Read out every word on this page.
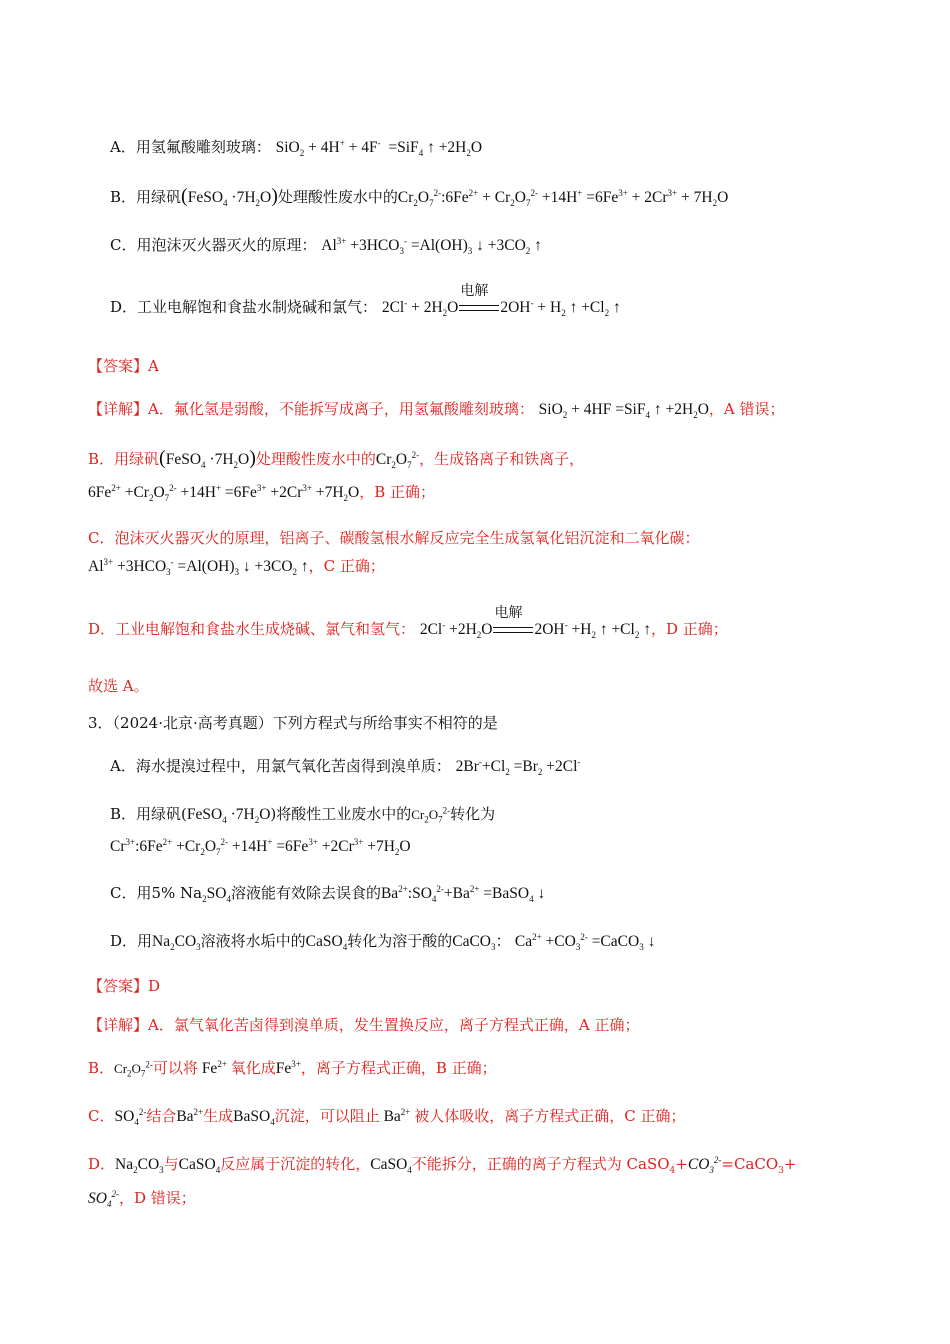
A．用氢氟酸雕刻玻璃： SiO$_2$ + 4H+ + 4F-  =SiF$_4$ ↑ $+2H_2O$
B．用绿矾(FeSO$_4$ $\cdot 7H_2O$)处理酸性废水中的$Cr_2O_7^{2-}:6Fe^{2+} + Cr_2O_7^{2-} +14H^+ =6Fe^{3+} + 2Cr^{3+} + 7H_2O$
C．用泡沫灭火器灭火的原理： $Al^{3+} +3HCO_3^- =Al(OH)_3$ ↓ $+3CO_2$ ↑
D．工业电解饱和食盐水制烧碱和氯气： $2Cl^- + 2H_2O$
电解
$2OH^- + H_2$ ↑ $+Cl_2$ ↑
【答案】A
【详解】A．氟化氢是弱酸，不能拆写成离子，用氢氟酸雕刻玻璃： SiO$_2$ + 4HF =SiF$_4$ ↑ $+2H_2O$，A 错误；
B．用绿矾(FeSO$_4$ $\cdot 7H_2O$)处理酸性废水中的$Cr_2O_7^{2-}$，生成铬离子和铁离子，
$6Fe^{2+} +Cr_2O_7^{2-} +14H^+ =6Fe^{3+} +2Cr^{3+} +7H_2O$，B 正确；
C．泡沫灭火器灭火的原理，铝离子、碳酸氢根水解反应完全生成氢氧化铝沉淀和二氧化碳：
$Al^{3+} +3HCO_3^- =Al(OH)_3$ ↓ $+3CO_2$ ↑，C 正确；
D．工业电解饱和食盐水生成烧碱、氯气和氢气： $2Cl^- +2H_2O$
电解
$2OH^- +H_2$ ↑ $+Cl_2$ ↑，D 正确；
故选 A。
3．（2024·北京·高考真题）下列方程式与所给事实不相符的是
A．海水提溴过程中，用氯气氧化苦卤得到溴单质： $2Br^-+Cl_2 =Br_2 +2Cl^-$
B．用绿矾(FeSO$_4$ $\cdot 7H_2O$)将酸性工业废水中的$Cr_2O_7^{2-}$转化为
$Cr^{3+}:6Fe^{2+} +Cr_2O_7^{2-} +14H^+ =6Fe^{3+} +2Cr^{3+} +7H_2O$
C．用5% $Na_2SO_4$溶液能有效除去误食的$Ba^{2+}:SO_4^{2-}+Ba^{2+}$ =BaSO$_4$ ↓
D．用$Na_2CO_3$溶液将水垢中的CaSO$_4$转化为溶于酸的CaCO$_3$： $Ca^{2+} +CO_3^{2-}$ =CaCO$_3$ ↓
【答案】D
【详解】A．氯气氧化苦卤得到溴单质，发生置换反应，离子方程式正确，A 正确；
B．$Cr_2O_7^{2-}$可以将 $Fe^{2+}$ 氧化成$Fe^{3+}$，离子方程式正确，B 正确；
C．$SO_4^{2-}$结合$Ba^{2+}$生成BaSO$_4$沉淀，可以阻止 $Ba^{2+}$ 被人体吸收，离子方程式正确，C 正确；
D．$Na_2CO_3$与CaSO$_4$反应属于沉淀的转化，CaSO$_4$不能拆分，正确的离子方程式为 $CaSO_4+CO_3^{2-}=CaCO_3+$
$SO_4^{2-}$，D 错误；
